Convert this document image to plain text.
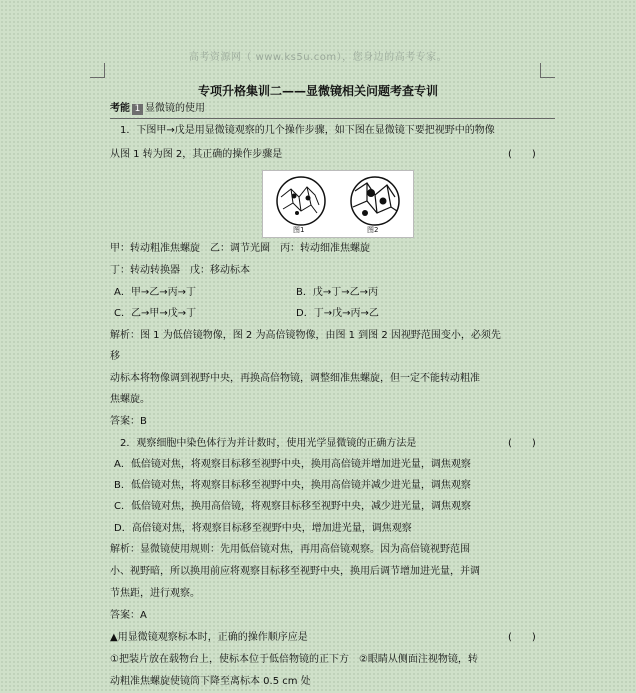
高考资源网（ www.ks5u.com），您身边的高考专家。
专项升格集训二——显微镜相关问题考查专训
考能 1 显微镜的使用
1．下图甲→戊是用显微镜观察的几个操作步骤，如下图在显微镜下要把视野中的物像
从图 1 转为图 2，其正确的操作步骤是	(　　)
图1	图2
甲：转动粗准焦螺旋　乙：调节光圈　丙：转动细准焦螺旋
丁：转动转换器　戊：移动标本
A．甲→乙→丙→丁	B．戊→丁→乙→丙
C．乙→甲→戊→丁	D．丁→戊→丙→乙
解析：图 1 为低倍镜物像，图 2 为高倍镜物像，由图 1 到图 2 因视野范围变小，必须先
移
动标本将物像调到视野中央，再换高倍物镜，调整细准焦螺旋，但一定不能转动粗准
焦螺旋。
答案：B
2．观察细胞中染色体行为并计数时，使用光学显微镜的正确方法是	(　　)
A．低倍镜对焦，将观察目标移至视野中央，换用高倍镜并增加进光量，调焦观察
B．低倍镜对焦，将观察目标移至视野中央，换用高倍镜并减少进光量，调焦观察
C．低倍镜对焦，换用高倍镜，将观察目标移至视野中央，减少进光量，调焦观察
D．高倍镜对焦，将观察目标移至视野中央，增加进光量，调焦观察
解析：显微镜使用规则：先用低倍镜对焦，再用高倍镜观察。因为高倍镜视野范围
小、视野暗，所以换用前应将观察目标移至视野中央，换用后调节增加进光量，并调
节焦距，进行观察。
答案：A
▲用显微镜观察标本时，正确的操作顺序应是	(　　)
①把装片放在载物台上，使标本位于低倍物镜的正下方　②眼睛从侧面注视物镜，转
动粗准焦螺旋使镜筒下降至离标本 0.5 cm 处
